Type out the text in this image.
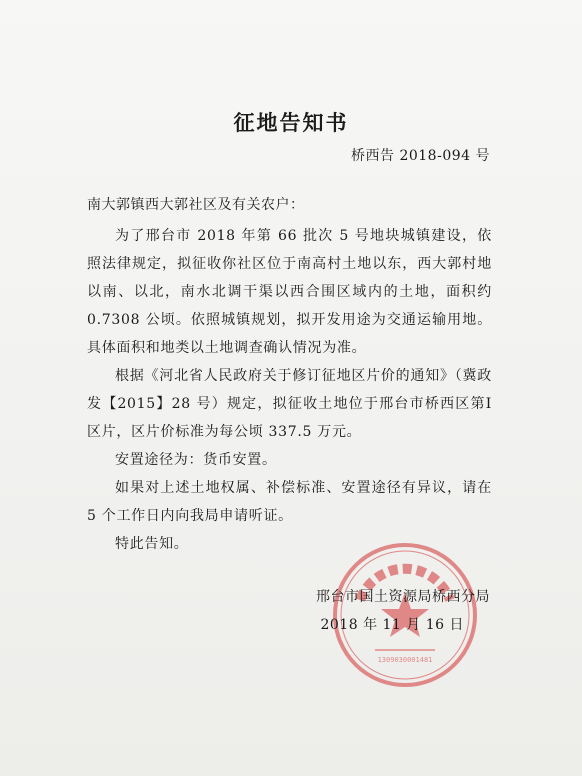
征地告知书
桥西告 2018-094 号
南大郭镇西大郭社区及有关农户：

为了邢台市 2018 年第 66 批次 5 号地块城镇建设，依照法律规定，拟征收你社区位于南高村土地以东，西大郭村地以南、以北，南水北调干渠以西合围区域内的土地，面积约 0.7308 公顷。依照城镇规划，拟开发用途为交通运输用地。具体面积和地类以土地调查确认情况为准。

根据《河北省人民政府关于修订征地区片价的通知》（冀政发【2015】28 号）规定，拟征收土地位于邢台市桥西区第Ⅰ区片，区片价标准为每公顷 337.5 万元。

安置途径为：货币安置。

如果对上述土地权属、补偿标准、安置途径有异议，请在 5 个工作日内向我局申请听证。

特此告知。

1309030001481
邢台市国土资源局桥西分局
2018 年 11 月 16 日
